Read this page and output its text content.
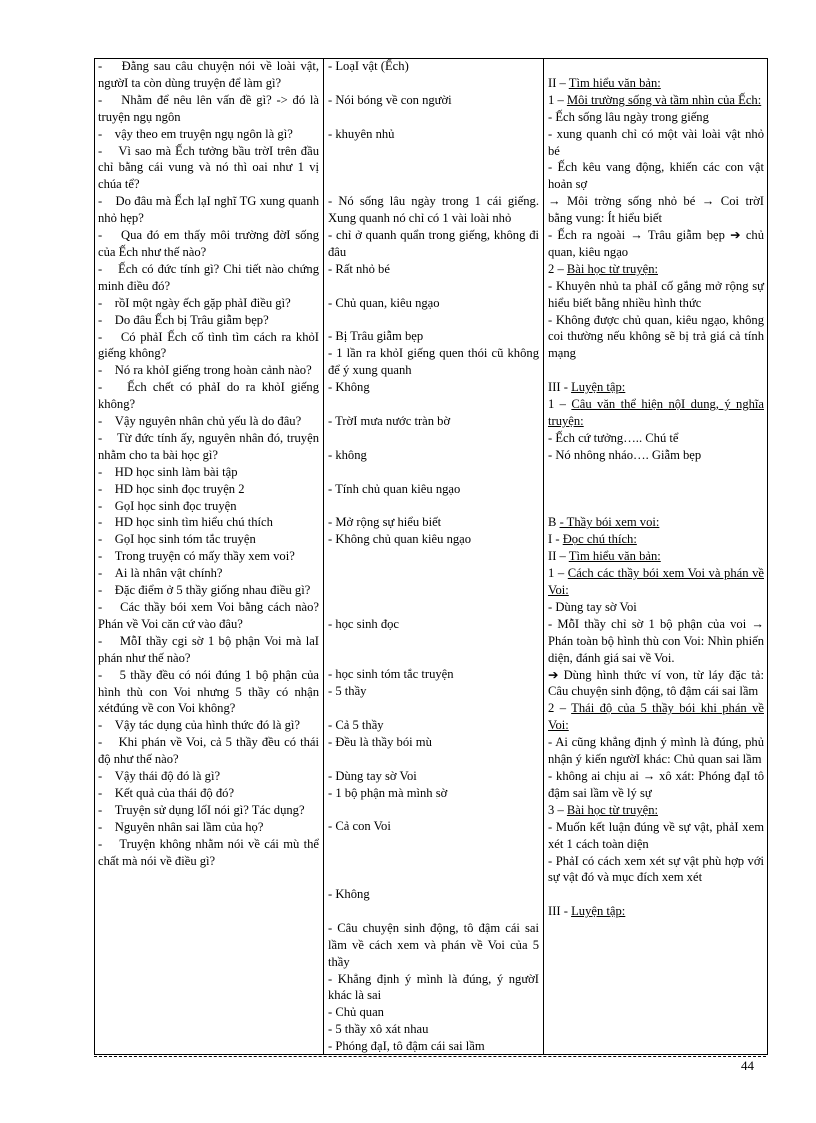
-    Đằng sau câu chuyện nói về loài vật, ngườI ta còn dùng truyện để làm gì?
-    Nhằm để nêu lên vấn đề gì? -> đó là truyện ngụ ngôn
-    vậy theo em truyện ngụ ngôn là gì?
-    Vì sao mà Ếch tưởng bầu trờI trên đầu chỉ bằng cái vung và nó thì oai như 1 vị chúa tể?
-    Do đâu mà Ếch lạI nghĩ TG xung quanh nhỏ hẹp?
-    Qua đó em thấy môi trường đờI sống của Ếch như thế nào?
-    Ếch có đức tính gì? Chi tiết nào chứng minh điều đó?
-    rồI một ngày ếch gặp phảI điều gì?
-    Do đâu Ếch bị Trâu giẫm bẹp?
-    Có phảI Ếch cố tình tìm cách ra khỏI giếng không?
-    Nó ra khỏI giếng trong hoàn cảnh nào?
-    Ếch chết có phảI do ra khỏI giếng không?
-    Vậy nguyên nhân chủ yếu là do đâu?
-    Từ đức tính ấy, nguyên nhân đó, truyện nhằm cho ta bài học gì?
-    HD học sinh làm bài tập
-    HD học sinh đọc truyện 2
-    GọI học sinh đọc truyện
-    HD học sinh tìm hiểu chú thích
-    GọI học sinh tóm tắc truyện
-    Trong truyện có mấy thầy xem voi?
-    Ai là nhân vật chính?
-    Đặc điểm ở 5 thầy giống nhau điều gì?
-    Các thầy bói xem Voi bằng cách nào?Phán về Voi căn cứ vào đâu?
-    MỗI thầy cgi sờ 1 bộ phận Voi mà laI phán như thế nào?
-    5 thầy đều có nói đúng 1 bộ phận của hình thù con Voi nhưng 5 thầy có nhận xétđúng về con Voi không?
-    Vậy tác dụng của hình thức đó là gì?
-    Khi phán về Voi, cả 5 thầy đều có thái độ như thế nào?
-    Vậy thái độ đó là gì?
-    Kết quả của thái độ đó?
-    Truyện sử dụng lốI nói gì? Tác dụng?
-    Nguyên nhân sai lầm của họ?
-    Truyện không nhằm nói về cái mù thể chất mà nói về điều gì?
- LoạI vật (Ếch)
- Nói bóng về con người
- khuyên nhủ
- Nó sống lâu ngày trong 1 cái giếng. Xung quanh nó chỉ có 1 vài loài nhỏ
- chỉ ở quanh quẩn trong giếng, không đi đâu
- Rất nhỏ bé
- Chủ quan, kiêu ngạo
- Bị Trâu giẫm bẹp
- 1 lần ra khỏI giếng quen thói cũ không để ý xung quanh
- Không
- TrờI mưa nước tràn bờ
- không
- Tính chủ quan kiêu ngạo
- Mở rộng sự hiểu biết
- Không chủ quan kiêu ngạo
- học sinh đọc
- học sinh tóm tắc truyện
- 5 thầy
- Cả 5 thầy
- Đều là thầy bói mù
- Dùng tay sờ Voi
- 1 bộ phận mà mình sờ
- Cả con Voi
- Không
- Câu chuyện sinh động, tô đậm cái sai lầm về cách xem và phán về Voi của 5 thầy
- Khẳng định ý mình là đúng, ý ngườI khác là sai
- Chủ quan
- 5 thầy xô xát nhau
- Phóng đạI, tô đậm cái sai lầm
II – Tìm hiểu văn bản:
1 – Môi trường sống và tầm nhìn của Ếch:
- Ếch sống lâu ngày trong giếng
- xung quanh chỉ có một vài loài vật nhỏ bé
- Ếch kêu vang động, khiến các con vật hoản sợ
→ Môi trờng sống nhỏ bé → Coi trờI bằng vung: Ít hiểu biết
- Ếch ra ngoài → Trâu giẫm bẹp ➔ chủ quan, kiêu ngạo
2 – Bài học từ truyện:
- Khuyên nhủ ta phảI cố gắng mở rộng sự hiểu biết bằng nhiều hình thức
- Không được chủ quan, kiêu ngạo, không coi thường nếu không sẽ bị trả giá cả tính mạng
III - Luyện tập:
1 – Câu văn thể hiện nộI dung, ý nghĩa truyện:
- Ếch cứ tưởng….. Chú tể
- Nó nhông nháo…. Giẫm bẹp
B - Thầy bói xem voi:
I - Đọc chú thích:
II – Tìm hiểu văn bản:
1 – Cách các thầy bói xem Voi và phán về Voi:
- Dùng tay sờ Voi
- MỗI thầy chỉ sờ 1 bộ phận của voi → Phán toàn bộ hình thù con Voi: Nhìn phiến diện, đánh giá sai về Voi.
➔ Dùng hình thức ví von, từ láy đặc tả: Câu chuyện sinh động, tô đậm cái sai lầm
2 – Thái độ của 5 thầy bói khi phán về Voi:
- Ai cũng khẳng định ý mình là đúng, phủ nhận ý kiến ngườI khác: Chủ quan sai lầm
- không ai chịu ai → xô xát: Phóng đạI tô đậm sai lầm về lý sự
3 – Bài học từ truyện:
- Muốn kết luận đúng về sự vật, phảI xem xét 1 cách toàn diện
- PhảI có cách xem xét sự vật phù hợp với sự vật đó và mục đích xem xét
III - Luyện tập:
44
